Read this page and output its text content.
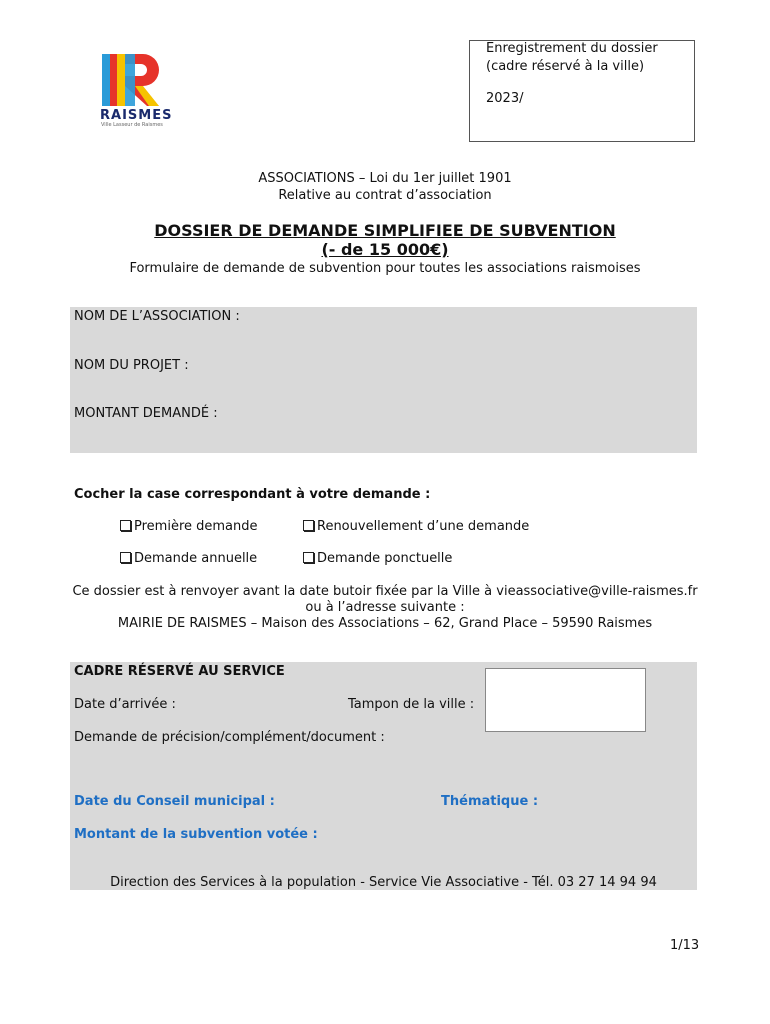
RAISMES
Ville Lasseur de Raismes
Enregistrement du dossier
(cadre réservé à la ville)
2023/
ASSOCIATIONS – Loi du 1er juillet 1901
Relative au contrat d’association
DOSSIER DE DEMANDE SIMPLIFIEE DE SUBVENTION
(- de 15 000€)
Formulaire de demande de subvention pour toutes les associations raismoises
NOM DE L’ASSOCIATION :
NOM DU PROJET :
MONTANT DEMANDÉ :
Cocher la case correspondant à votre demande :
Première demande	Renouvellement d’une demande
Demande annuelle	Demande ponctuelle
Ce dossier est à renvoyer avant la date butoir fixée par la Ville à vieassociative@ville-raismes.fr
ou à l’adresse suivante :
MAIRIE DE RAISMES – Maison des Associations – 62, Grand Place – 59590 Raismes
CADRE RÉSERVÉ AU SERVICE
Date d’arrivée :	Tampon de la ville :
Demande de précision/complément/document :
Date du Conseil municipal :	Thématique :
Montant de la subvention votée :
Direction des Services à la population - Service Vie Associative - Tél. 03 27 14 94 94
1/13
